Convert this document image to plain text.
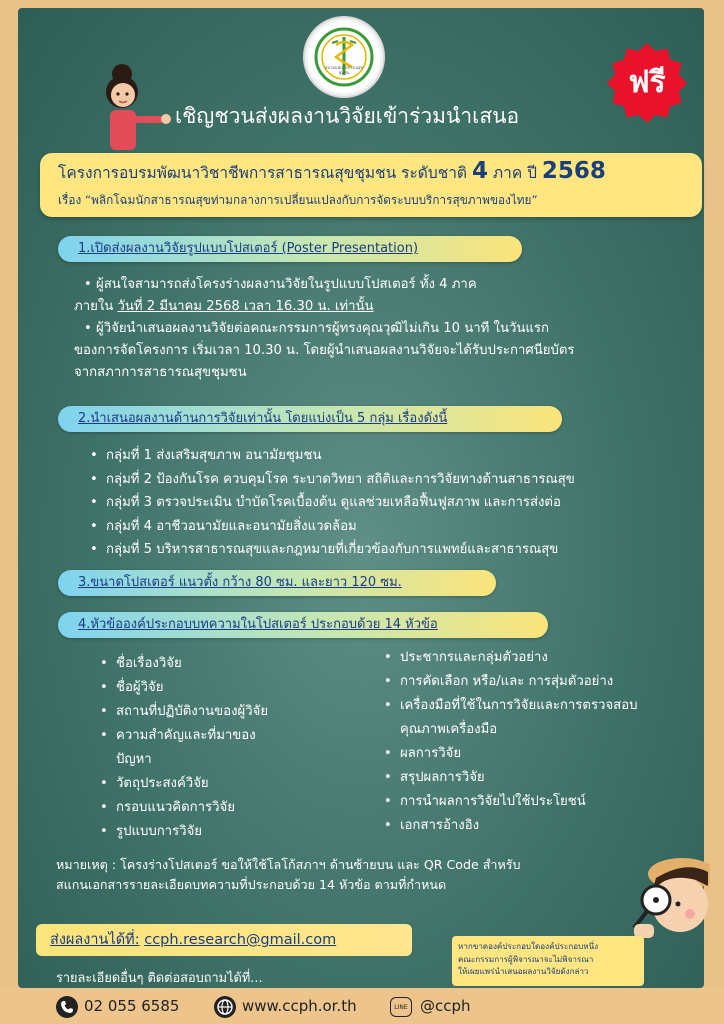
สมาคมนักสาธารณสุขชุมชน	ฟรี
เชิญชวนส่งผลงานวิจัยเข้าร่วมนำเสนอ
โครงการอบรมพัฒนาวิชาชีพการสาธารณสุขชุมชน ระดับชาติ 4 ภาค ปี 2568
เรื่อง “พลิกโฉมนักสาธารณสุขท่ามกลางการเปลี่ยนแปลงกับการจัดระบบบริการสุขภาพของไทย”
1.เปิดส่งผลงานวิจัยรูปแบบโปสเตอร์ (Poster Presentation)
• ผู้สนใจสามารถส่งโครงร่างผลงานวิจัยในรูปแบบโปสเตอร์ ทั้ง 4 ภาค
ภายใน วันที่ 2 มีนาคม 2568 เวลา 16.30 น. เท่านั้น
• ผู้วิจัยนำเสนอผลงานวิจัยต่อคณะกรรมการผู้ทรงคุณวุฒิไม่เกิน 10 นาที ในวันแรก
ของการจัดโครงการ เริ่มเวลา 10.30 น. โดยผู้นำเสนอผลงานวิจัยจะได้รับประกาศนียบัตร
จากสภาการสาธารณสุขชุมชน
2.นำเสนอผลงานด้านการวิจัยเท่านั้น โดยแบ่งเป็น 5 กลุ่ม เรื่องดังนี้
• กลุ่มที่ 1 ส่งเสริมสุขภาพ อนามัยชุมชน
• กลุ่มที่ 2 ป้องกันโรค ควบคุมโรค ระบาดวิทยา สถิติและการวิจัยทางด้านสาธารณสุข
• กลุ่มที่ 3 ตรวจประเมิน บำบัดโรคเบื้องต้น ดูแลช่วยเหลือฟื้นฟูสภาพ และการส่งต่อ
• กลุ่มที่ 4 อาชีวอนามัยและอนามัยสิ่งแวดล้อม
• กลุ่มที่ 5 บริหารสาธารณสุขและกฎหมายที่เกี่ยวข้องกับการแพทย์และสาธารณสุข
3.ขนาดโปสเตอร์ แนวตั้ง กว้าง 80 ซม. และยาว 120 ซม.
4.หัวข้อองค์ประกอบบทความในโปสเตอร์ ประกอบด้วย 14 หัวข้อ
• ชื่อเรื่องวิจัย
• ชื่อผู้วิจัย
• สถานที่ปฏิบัติงานของผู้วิจัย
• ความสำคัญและที่มาของ
ปัญหา
• วัตถุประสงค์วิจัย
• กรอบแนวคิดการวิจัย
• รูปแบบการวิจัย
• ประชากรและกลุ่มตัวอย่าง
• การคัดเลือก หรือ/และ การสุ่มตัวอย่าง
• เครื่องมือที่ใช้ในการวิจัยและการตรวจสอบ
คุณภาพเครื่องมือ
• ผลการวิจัย
• สรุปผลการวิจัย
• การนำผลการวิจัยไปใช้ประโยชน์
• เอกสารอ้างอิง
หมายเหตุ : โครงร่างโปสเตอร์ ขอให้ใช้โลโก้สภาฯ ด้านซ้ายบน และ QR Code สำหรับ
สแกนเอกสารรายละเอียดบทความที่ประกอบด้วย 14 หัวข้อ ตามที่กำหนด
ส่งผลงานได้ที่: ccph.research@gmail.com
รายละเอียดอื่นๆ ติดต่อสอบถามได้ที่...
หากขาดองค์ประกอบใดองค์ประกอบหนึ่ง
คณะกรรมการผู้พิจารณาจะไม่พิจารณา
ให้เผยแพร่นำเสนอผลงานวิจัยดังกล่าว
02 055 6585	www.ccph.or.th	LINE @ccph
